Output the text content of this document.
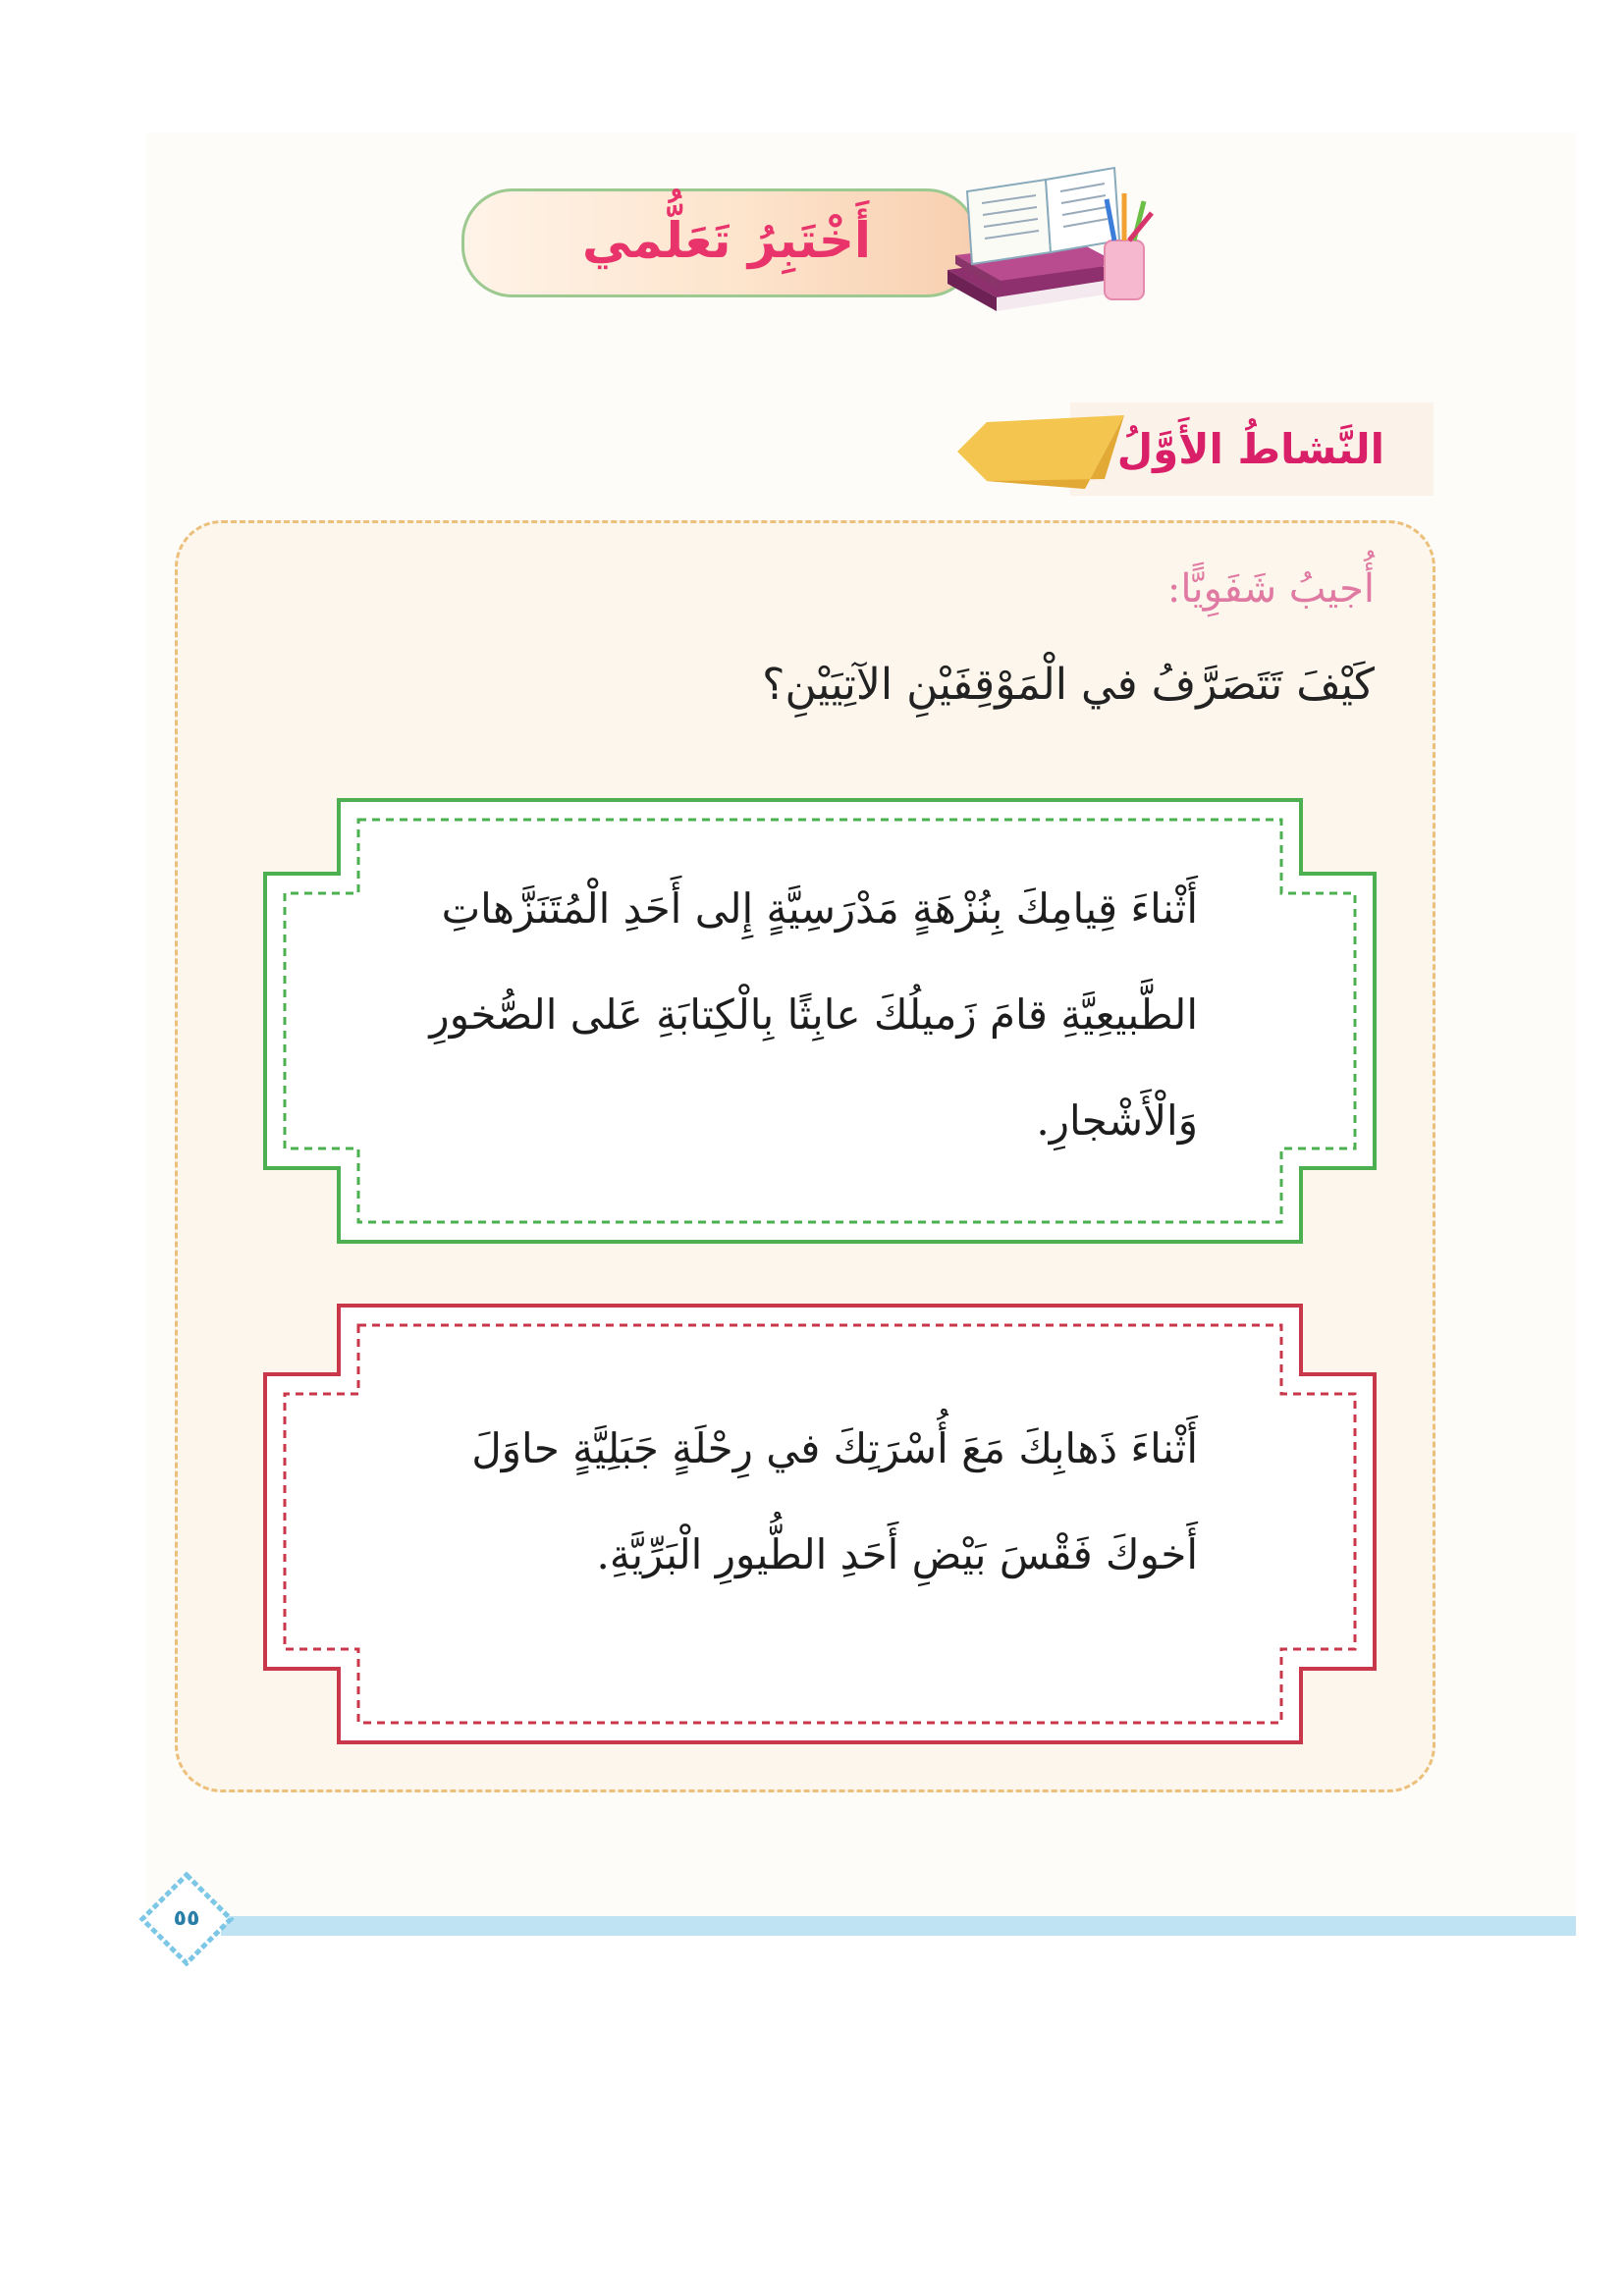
أَخْتَبِرُ تَعَلُّمي
النَّشاطُ الأَوَّلُ
أُجيبُ شَفَوِيًّا:
كَيْفَ تَتَصَرَّفُ في الْمَوْقِفَيْنِ الآتِيَيْنِ؟
أَثْناءَ قِيامِكَ بِنُزْهَةٍ مَدْرَسِيَّةٍ إِلى أَحَدِ الْمُتَنَزَّهاتِ
الطَّبيعِيَّةِ قامَ زَميلُكَ عابِثًا بِالْكِتابَةِ عَلى الصُّخورِ
وَالْأَشْجارِ.
أَثْناءَ ذَهابِكَ مَعَ أُسْرَتِكَ في رِحْلَةٍ جَبَلِيَّةٍ حاوَلَ
أَخوكَ فَقْسَ بَيْضِ أَحَدِ الطُّيورِ الْبَرِّيَّةِ.
٥٥
